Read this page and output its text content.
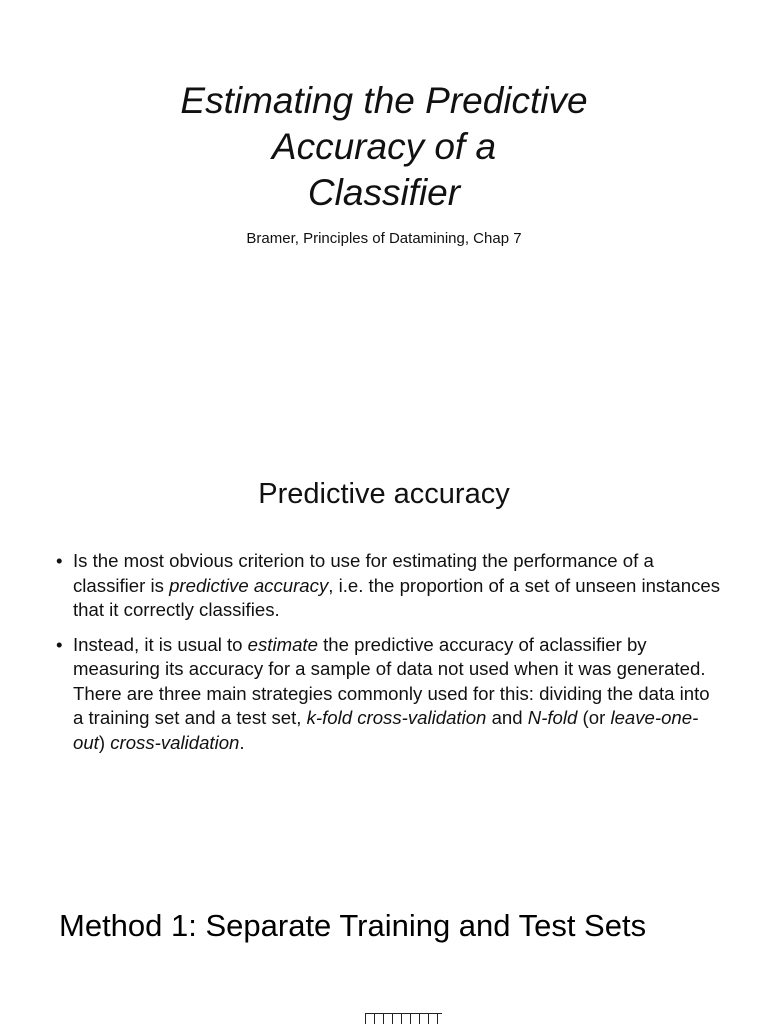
Estimating the Predictive
Accuracy of a
Classifier
Bramer, Principles of Datamining, Chap 7
Predictive accuracy
• Is the most obvious criterion to use for estimating the performance of a classifier is predictive accuracy, i.e. the proportion of a set of unseen instances that it correctly classifies.
• Instead, it is usual to estimate the predictive accuracy of aclassifier by measuring its accuracy for a sample of data not used when it was generated. There are three main strategies commonly used for this: dividing the data into a training set and a test set, k-fold cross-validation and N-fold (or leave-one-out) cross-validation.
Method 1: Separate Training and Test Sets
